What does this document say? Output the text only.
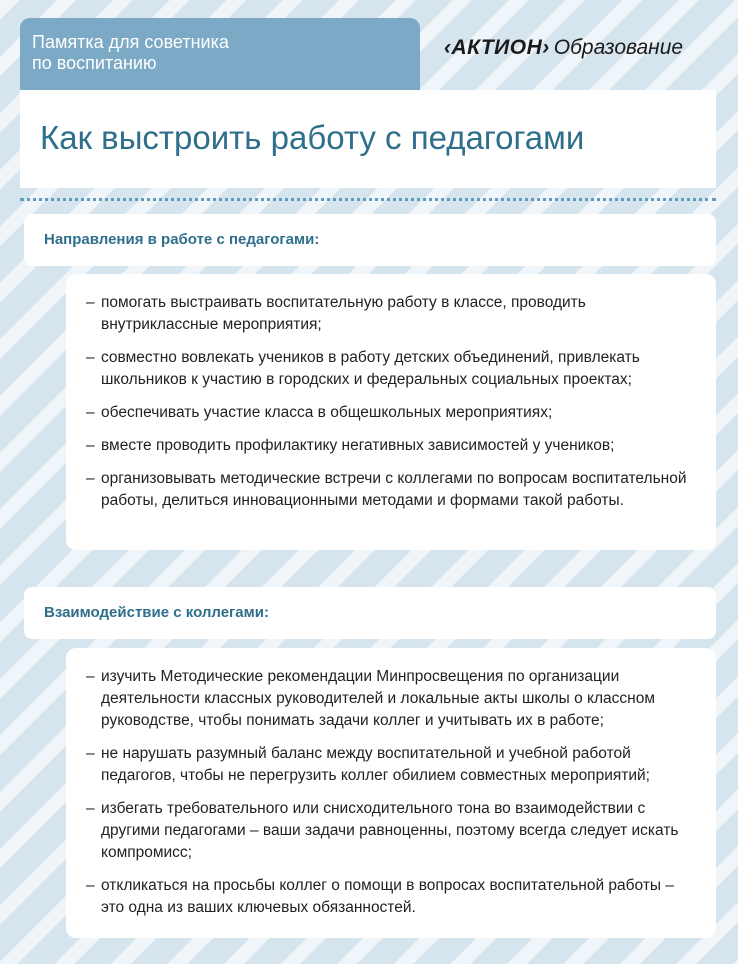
Памятка для советника
по воспитанию
‹АКТИОН› Образование
Как выстроить работу с педагогами
Направления в работе с педагогами:
– помогать выстраивать воспитательную работу в классе, проводить внутриклассные мероприятия;
– совместно вовлекать учеников в работу детских объединений, привлекать школьников к участию в городских и федеральных социальных проектах;
– обеспечивать участие класса в общешкольных мероприятиях;
– вместе проводить профилактику негативных зависимостей у учеников;
– организовывать методические встречи с коллегами по вопросам воспитательной работы, делиться инновационными методами и формами такой работы.
Взаимодействие с коллегами:
– изучить Методические рекомендации Минпросвещения по организации деятельности классных руководителей и локальные акты школы о классном руководстве, чтобы понимать задачи коллег и учитывать их в работе;
– не нарушать разумный баланс между воспитательной и учебной работой педагогов, чтобы не перегрузить коллег обилием совместных мероприятий;
– избегать требовательного или снисходительного тона во взаимодействии с другими педагогами – ваши задачи равноценны, поэтому всегда следует искать компромисс;
– откликаться на просьбы коллег о помощи в вопросах воспитательной работы – это одна из ваших ключевых обязанностей.
